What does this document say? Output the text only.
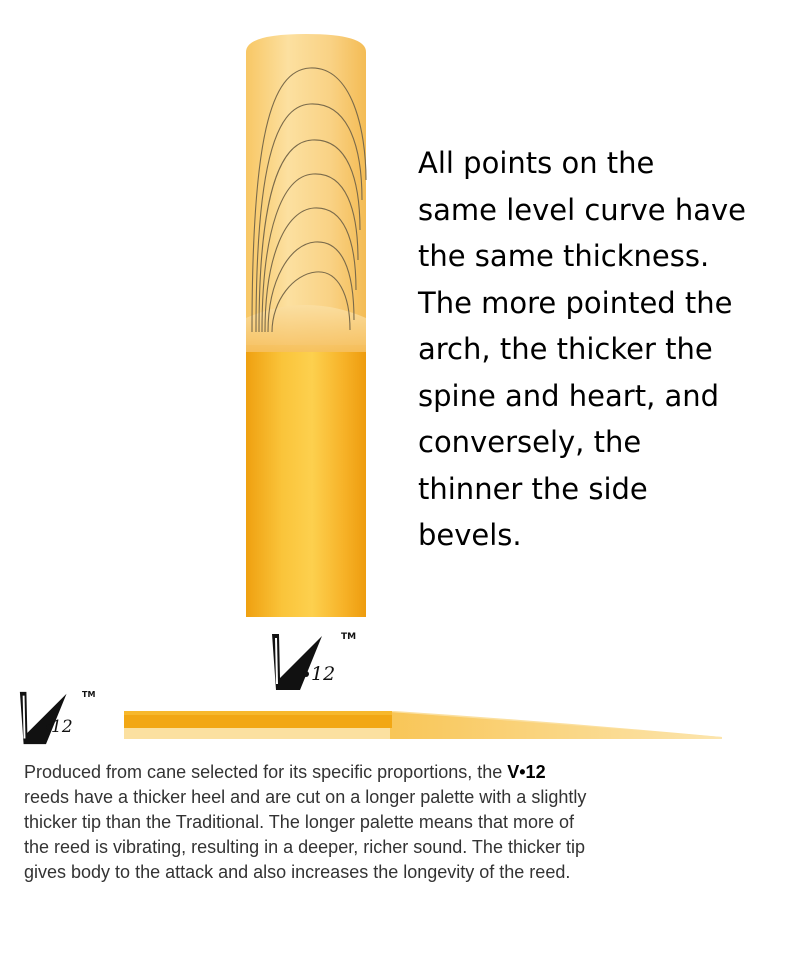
All points on the
same level curve have
the same thickness.
The more pointed the
arch, the thicker the
spine and heart, and
conversely, the
thinner the side
bevels.
12
TM
12
TM
Produced from cane selected for its specific proportions, the V•12
reeds have a thicker heel and are cut on a longer palette with a slightly
thicker tip than the Traditional. The longer palette means that more of
the reed is vibrating, resulting in a deeper, richer sound. The thicker tip
gives body to the attack and also increases the longevity of the reed.
